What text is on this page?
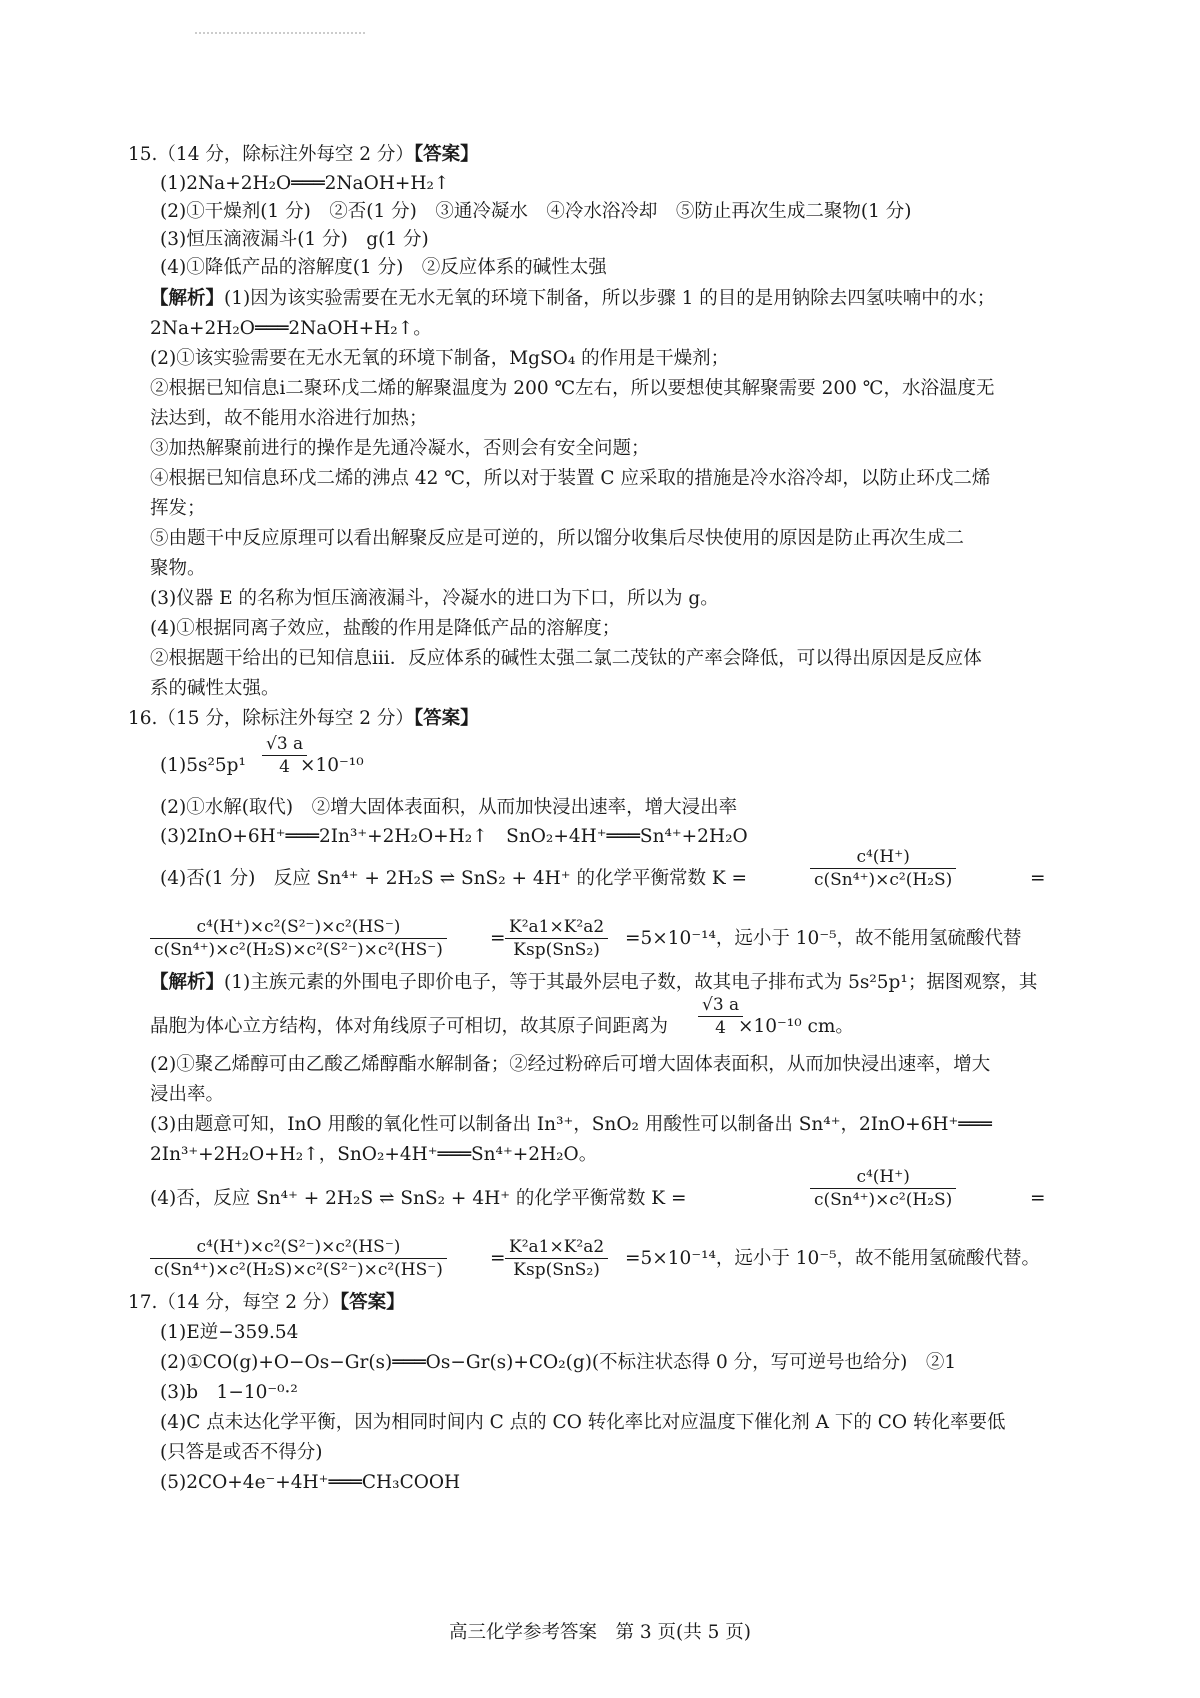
15.（14 分，除标注外每空 2 分）【答案】
(1)2Na+2H₂O═══2NaOH+H₂↑
(2)①干燥剂(1 分)　②否(1 分)　③通冷凝水　④冷水浴冷却　⑤防止再次生成二聚物(1 分)
(3)恒压滴液漏斗(1 分)　g(1 分)
(4)①降低产品的溶解度(1 分)　②反应体系的碱性太强
【解析】(1)因为该实验需要在无水无氧的环境下制备，所以步骤 1 的目的是用钠除去四氢呋喃中的水；
2Na+2H₂O═══2NaOH+H₂↑。
(2)①该实验需要在无水无氧的环境下制备，MgSO₄ 的作用是干燥剂；
②根据已知信息ⅰ二聚环戊二烯的解聚温度为 200 ℃左右，所以要想使其解聚需要 200 ℃，水浴温度无
法达到，故不能用水浴进行加热；
③加热解聚前进行的操作是先通冷凝水，否则会有安全问题；
④根据已知信息环戊二烯的沸点 42 ℃，所以对于装置 C 应采取的措施是冷水浴冷却，以防止环戊二烯
挥发；
⑤由题干中反应原理可以看出解聚反应是可逆的，所以馏分收集后尽快使用的原因是防止再次生成二
聚物。
(3)仪器 E 的名称为恒压滴液漏斗，冷凝水的进口为下口，所以为 g。
(4)①根据同离子效应，盐酸的作用是降低产品的溶解度；
②根据题干给出的已知信息ⅲ．反应体系的碱性太强二氯二茂钛的产率会降低，可以得出原因是反应体
系的碱性太强。
16.（15 分，除标注外每空 2 分）【答案】
$(1)5s^25p^1 \frac{√3 a}{4}$
×10⁻¹⁰
(2)①水解(取代)　②增大固体表面积，从而加快浸出速率，增大浸出率
(3)2InO+6H⁺═══2In³⁺+2H₂O+H₂↑　SnO₂+4H⁺═══Sn⁴⁺+2H₂O
(4)否(1 分)　反应 Sn⁴⁺ + 2H₂S ⇌ SnS₂ + 4H⁺ 的化学平衡常数 K =	$\frac{\text{c⁴(H⁺)}}{\text{c(Sn⁴⁺)×c²(H₂S)}}$	=
$\frac{\text{c⁴(H⁺)×c²(S²⁻)×c²(HS⁻)}}{\text{c(Sn⁴⁺)×c²(H₂S)×c²(S²⁻)×c²(HS⁻)}}$ =
K²a1×K²a2
Ksp(SnS₂)
=5×10⁻¹⁴，远小于 10⁻⁵，故不能用氢硫酸代替
【解析】(1)主族元素的外围电子即价电子，等于其最外层电子数，故其电子排布式为 5s²5p¹；据图观察，其
晶胞为体心立方结构，体对角线原子可相切，故其原子间距离为 $\frac{√3 a}{4}$
×10⁻¹⁰ cm。
(2)①聚乙烯醇可由乙酸乙烯醇酯水解制备；②经过粉碎后可增大固体表面积，从而加快浸出速率，增大
浸出率。
(3)由题意可知，InO 用酸的氧化性可以制备出 In³⁺，SnO₂ 用酸性可以制备出 Sn⁴⁺，2InO+6H⁺═══
2In³⁺+2H₂O+H₂↑，SnO₂+4H⁺═══Sn⁴⁺+2H₂O。
(4)否，反应 Sn⁴⁺ + 2H₂S ⇌ SnS₂ + 4H⁺ 的化学平衡常数 K =	$\frac{\text{c⁴(H⁺)}}{\text{c(Sn⁴⁺)×c²(H₂S)}}$	=
$\frac{\text{c⁴(H⁺)×c²(S²⁻)×c²(HS⁻)}}{\text{c(Sn⁴⁺)×c²(H₂S)×c²(S²⁻)×c²(HS⁻)}}$ =
K²a1×K²a2
Ksp(SnS₂)
=5×10⁻¹⁴，远小于 10⁻⁵，故不能用氢硫酸代替。
17.（14 分，每空 2 分）【答案】
(1)E逆−359.54
(2)①CO(g)+O−Os−Gr(s)═══Os−Gr(s)+CO₂(g)(不标注状态得 0 分，写可逆号也给分)　②1
(3)b　1−10⁻⁰·²
(4)C 点未达化学平衡，因为相同时间内 C 点的 CO 转化率比对应温度下催化剂 A 下的 CO 转化率要低
(只答是或否不得分)
(5)2CO+4e⁻+4H⁺═══CH₃COOH
高三化学参考答案　第 3 页(共 5 页)
